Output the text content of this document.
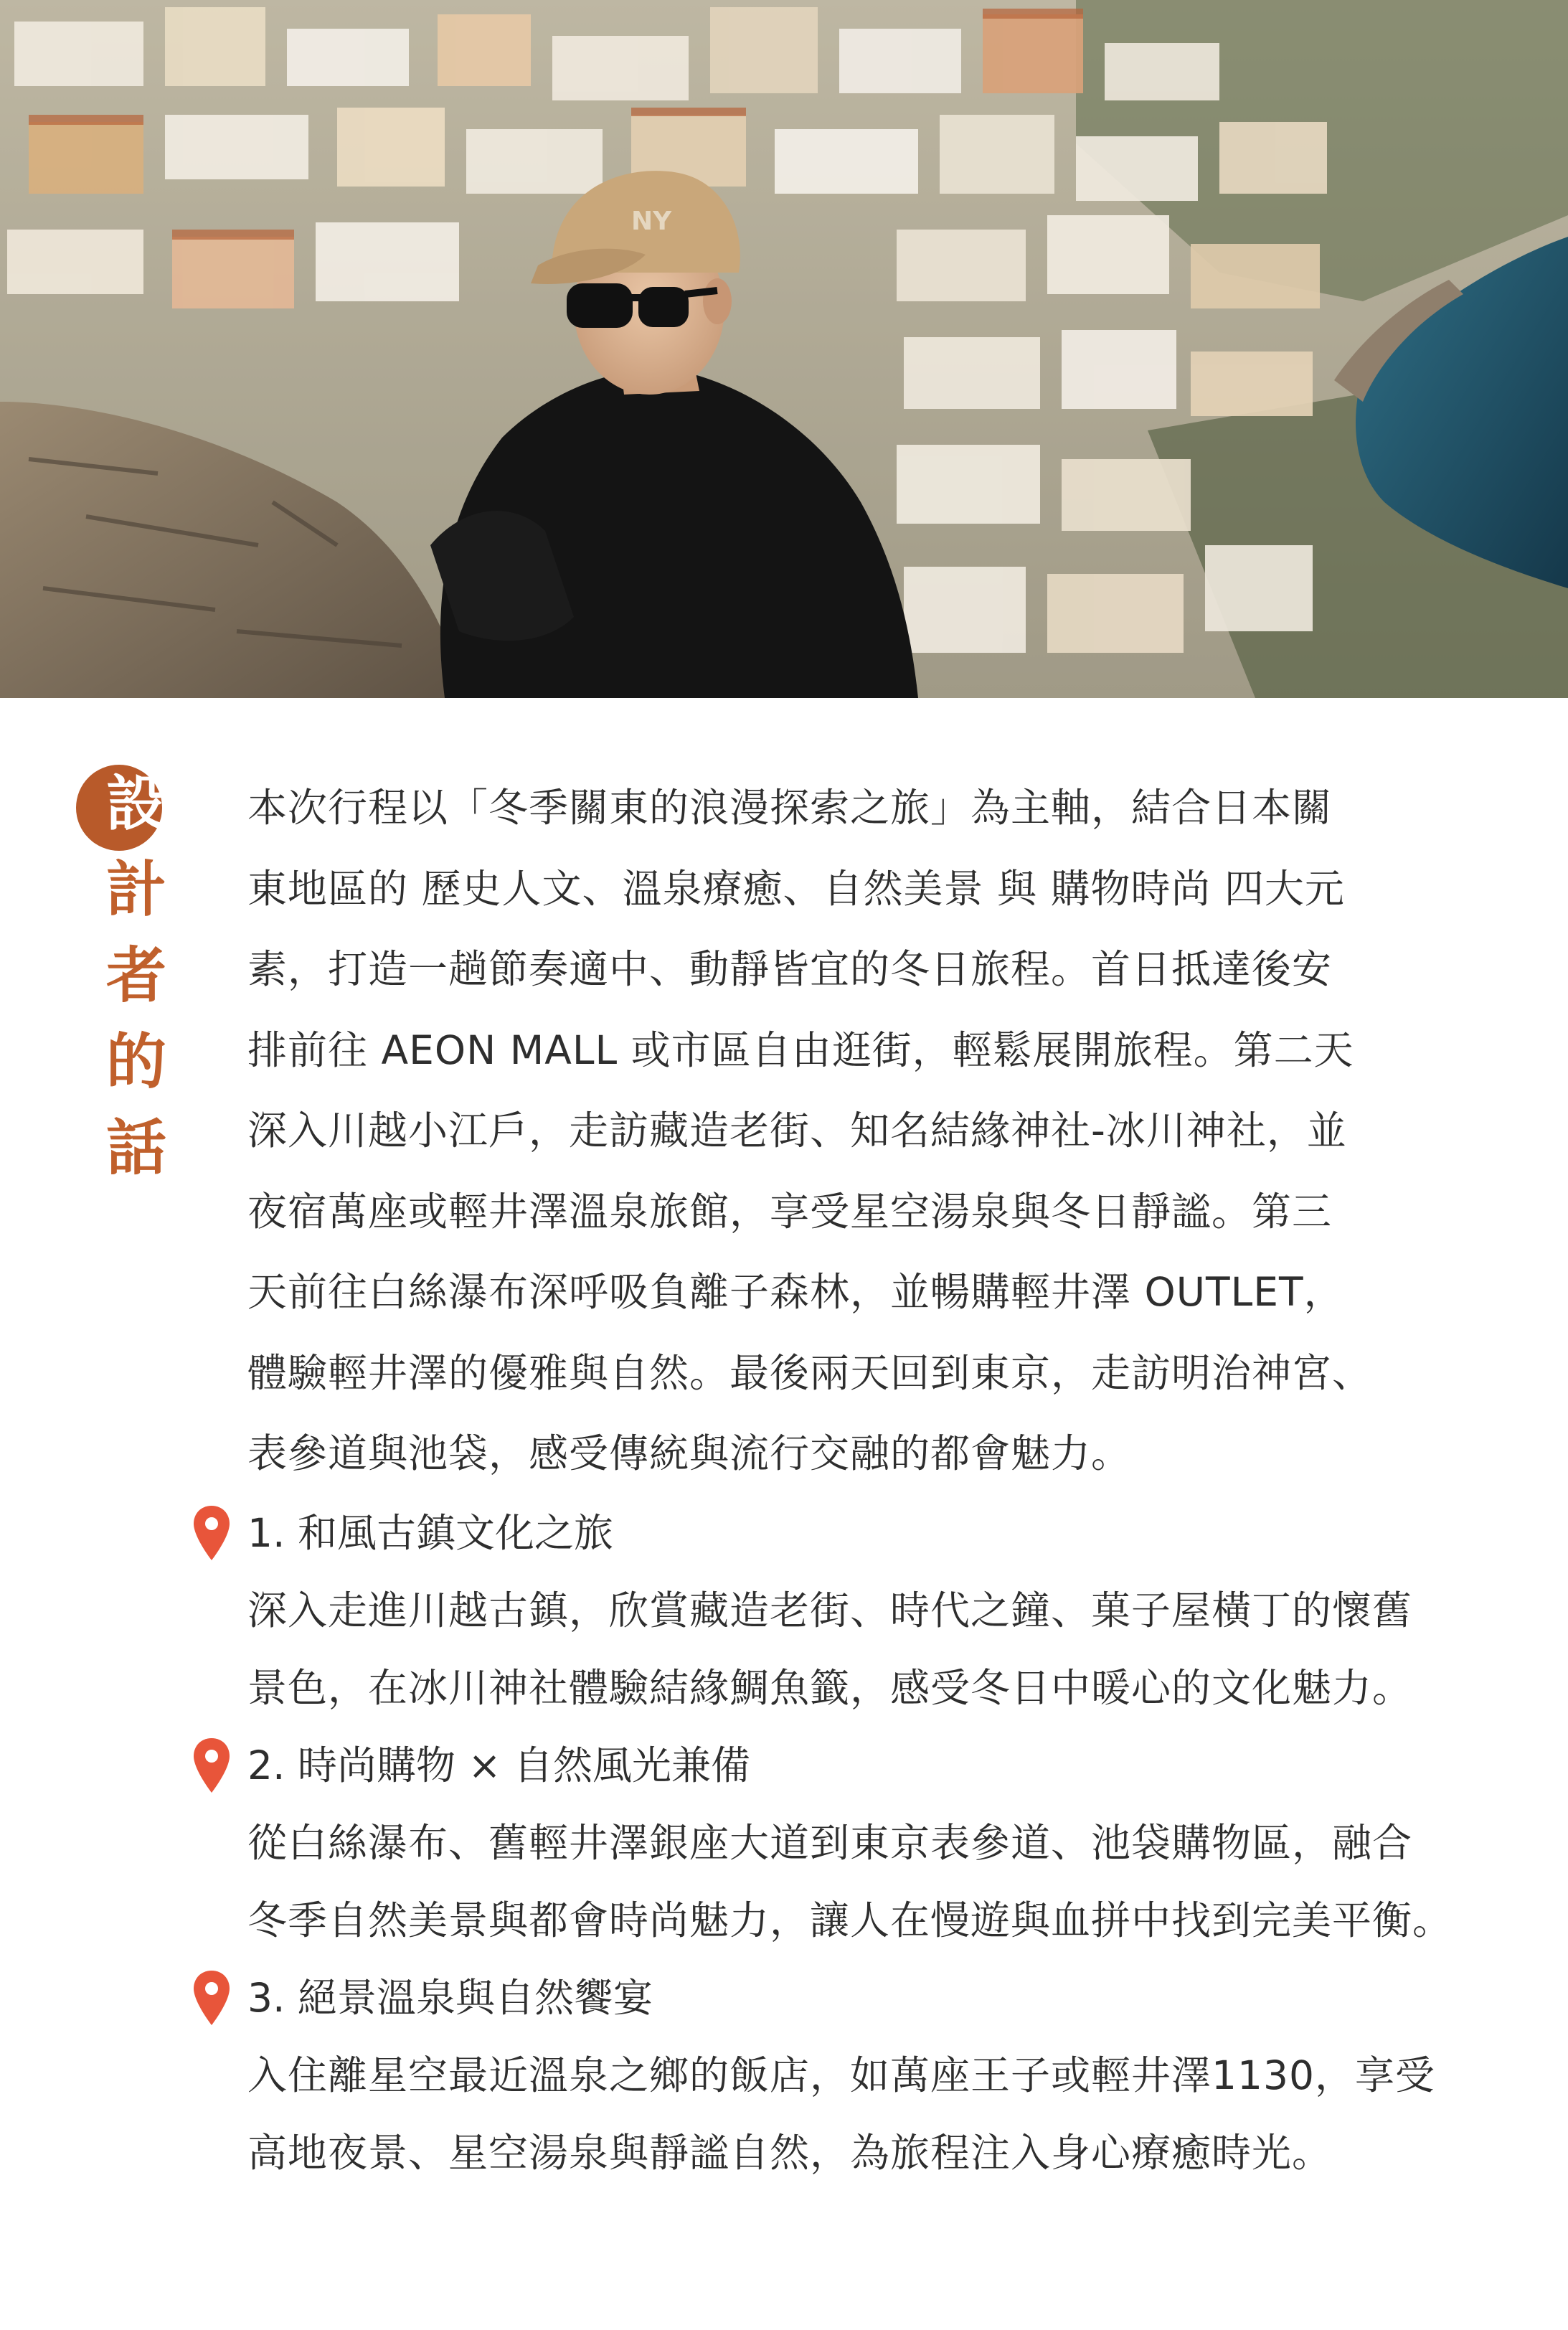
NY
設
計
者
的
話
本次行程以「冬季關東的浪漫探索之旅」為主軸，結合日本關
東地區的 歷史人文、溫泉療癒、自然美景 與 購物時尚 四大元
素，打造一趟節奏適中、動靜皆宜的冬日旅程。首日抵達後安
排前往 AEON MALL 或市區自由逛街，輕鬆展開旅程。第二天
深入川越小江戶，走訪藏造老街、知名結緣神社-冰川神社，並
夜宿萬座或輕井澤溫泉旅館，享受星空湯泉與冬日靜謐。第三
天前往白絲瀑布深呼吸負離子森林，並暢購輕井澤 OUTLET，
體驗輕井澤的優雅與自然。最後兩天回到東京，走訪明治神宮、
表參道與池袋，感受傳統與流行交融的都會魅力。
1. 和風古鎮文化之旅
深入走進川越古鎮，欣賞藏造老街、時代之鐘、菓子屋橫丁的懷舊
景色，在冰川神社體驗結緣鯛魚籤，感受冬日中暖心的文化魅力。
2. 時尚購物 × 自然風光兼備
從白絲瀑布、舊輕井澤銀座大道到東京表參道、池袋購物區，融合
冬季自然美景與都會時尚魅力，讓人在慢遊與血拼中找到完美平衡。
3. 絕景溫泉與自然饗宴
入住離星空最近溫泉之鄉的飯店，如萬座王子或輕井澤1130，享受
高地夜景、星空湯泉與靜謐自然，為旅程注入身心療癒時光。
